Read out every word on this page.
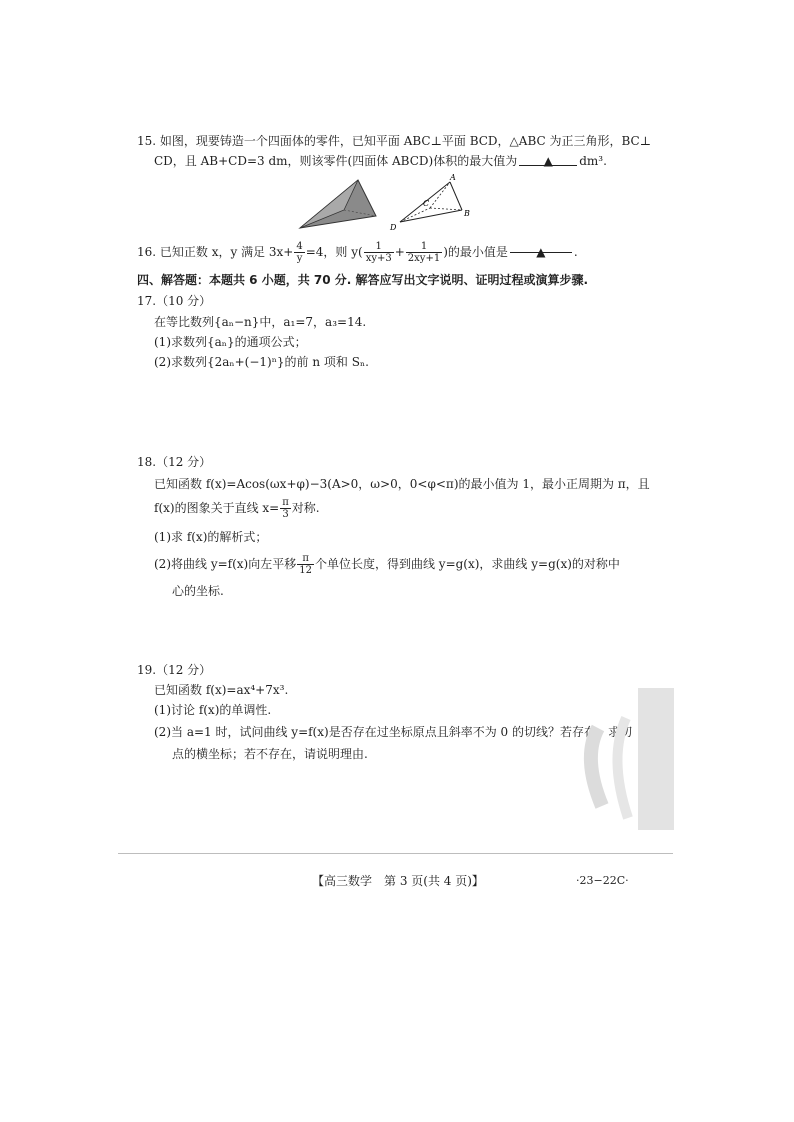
15. 如图，现要铸造一个四面体的零件，已知平面 ABC⊥平面 BCD，△ABC 为正三角形，BC⊥
CD，且 AB+CD=3 dm，则该零件(四面体 ABCD)体积的最大值为 ▲ dm³.
A
B
C
D
16. 已知正数 x，y 满足 $3x+ \frac{4}{y} =4$，则 $y( \frac{1}{xy+3} + \frac{1}{2xy+1}$ )的最小值是 ▲ .
四、解答题：本题共 6 小题，共 70 分. 解答应写出文字说明、证明过程或演算步骤.
17.（10 分）
在等比数列{aₙ−n}中，a₁=7，a₃=14.
(1)求数列{aₙ}的通项公式；
(2)求数列{2aₙ+(−1)ⁿ}的前 n 项和 Sₙ.
18.（12 分）
已知函数 f(x)=Acos(ωx+φ)−3(A>0，ω>0，0<φ<π)的最小值为 1，最小正周期为 π，且
f(x)的图象关于直线 $x= \frac{\pi}{3}$ 对称.
(1)求 f(x)的解析式；
(2)将曲线 y=f(x)向左平移 $\frac{\pi}{12}$ 个单位长度，得到曲线 y=g(x)，求曲线 y=g(x)的对称中
心的坐标.
19.（12 分）
已知函数 f(x)=ax⁴+7x³.
(1)讨论 f(x)的单调性.
(2)当 a=1 时，试问曲线 y=f(x)是否存在过坐标原点且斜率不为 0 的切线？若存在，求切
点的横坐标；若不存在，请说明理由.
【高三数学　第 3 页(共 4 页)】	·23−22C·
